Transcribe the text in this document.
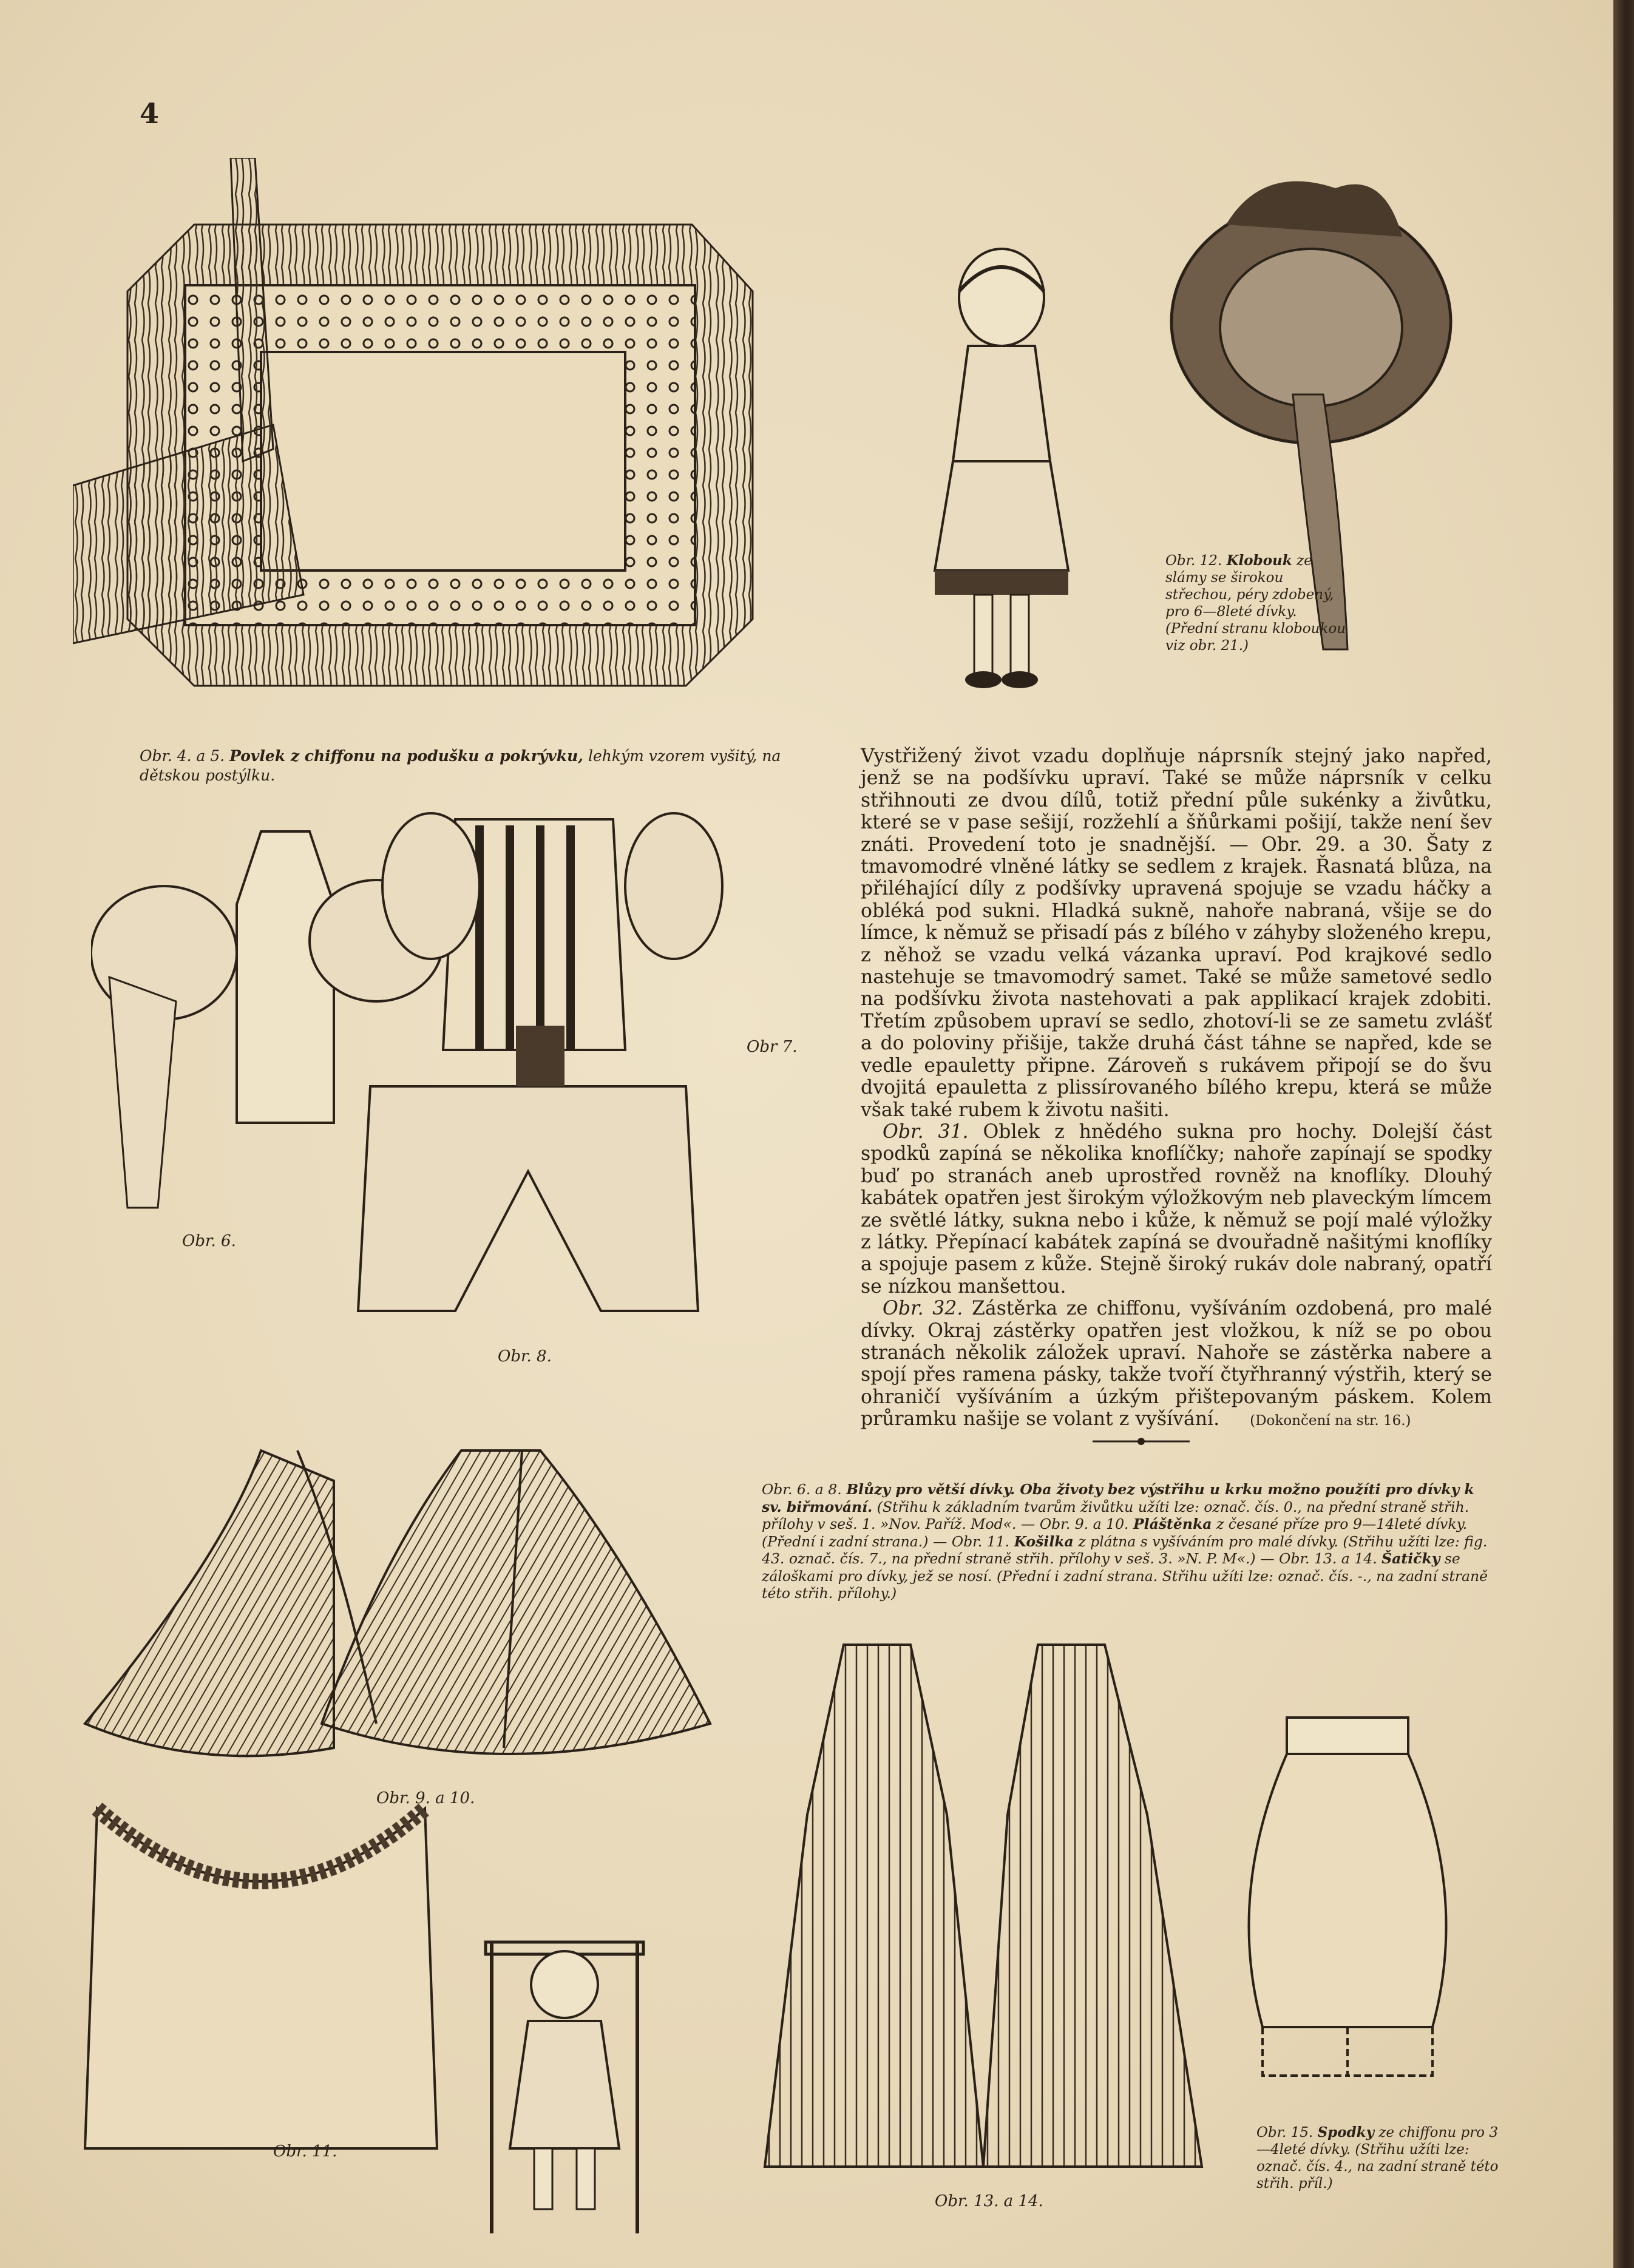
4
Obr. 4. a 5. Povlek z chiffonu na podušku a pokrývku, lehkým vzorem vyšitý, na dětskou postýlku.
Obr. 12. Klobouk ze slámy se širokou střechou, péry zdobený, pro 6—8leté dívky. (Přední stranu kloboukou viz obr. 21.)
Obr. 6.
Obr 7.
Obr. 8.
Obr. 9. a 10.

Vystřižený život vzadu doplňuje náprsník stejný jako napřed, jenž se na podšívku upraví. Také se může náprsník v celku střihnouti ze dvou dílů, totiž přední půle sukénky a živůtku, které se v pase sešijí, rozžehlí a šňůrkami pošijí, takže není šev znáti. Provedení toto je snadnější. — Obr. 29. a 30. Šaty z tmavomodré vlněné látky se sedlem z krajek. Řasnatá blůza, na přiléhající díly z podšívky upravená spojuje se vzadu háčky a obléká pod sukni. Hladká sukně, nahoře nabraná, všije se do límce, k němuž se přisadí pás z bílého v záhyby složeného krepu, z něhož se vzadu velká vázanka upraví. Pod krajkové sedlo nastehuje se tmavomodrý samet. Také se může sametové sedlo na podšívku života nastehovati a pak applikací krajek zdobiti. Třetím způsobem upraví se sedlo, zhotoví-li se ze sametu zvlášť a do poloviny přišije, takže druhá část táhne se napřed, kde se vedle epauletty připne. Zároveň s rukávem připojí se do švu dvojitá epauletta z plissírovaného bílého krepu, která se může však také rubem k životu našiti.

Obr. 31. Oblek z hnědého sukna pro hochy. Dolejší část spodků zapíná se několika knoflíčky; nahoře zapínají se spodky buď po stranách aneb uprostřed rovněž na knoflíky. Dlouhý kabátek opatřen jest širokým výložkovým neb plaveckým límcem ze světlé látky, sukna nebo i kůže, k němuž se pojí malé výložky z látky. Přepínací kabátek zapíná se dvouřadně našitými knoflíky a spojuje pasem z kůže. Stejně široký rukáv dole nabraný, opatří se nízkou manšettou.

Obr. 32. Zástěrka ze chiffonu, vyšíváním ozdobená, pro malé dívky. Okraj zástěrky opatřen jest vložkou, k níž se po obou stranách několik záložek upraví. Nahoře se zástěrka nabere a spojí přes ramena pásky, takže tvoří čtyřhranný výstřih, který se ohraničí vyšíváním a úzkým přištepovaným páskem. Kolem průramku našije se volant z vyšívání. (Dokončení na str. 16.)

Obr. 6. a 8. Blůzy pro větší dívky. Oba životy bez výstřihu u krku možno použíti pro dívky k sv. biřmování. (Střihu k základním tvarům živůtku užíti lze: označ. čís. 0., na přední straně střih. přílohy v seš. 1. »Nov. Paříž. Mod«. — Obr. 9. a 10. Pláštěnka z česané příze pro 9—14leté dívky. (Přední i zadní strana.) — Obr. 11. Košilka z plátna s vyšíváním pro malé dívky. (Střihu užíti lze: fig. 43. označ. čís. 7., na přední straně střih. přílohy v seš. 3. »N. P. M«.) — Obr. 13. a 14. Šatičky se záloškami pro dívky, jež se nosí. (Přední i zadní strana. Střihu užíti lze: označ. čís. -., na zadní straně této střih. přílohy.)
Obr. 11.
Obr. 13. a 14.
Obr. 15. Spodky ze chiffonu pro 3—4leté dívky. (Střihu užíti lze: označ. čís. 4., na zadní straně této střih. příl.)
